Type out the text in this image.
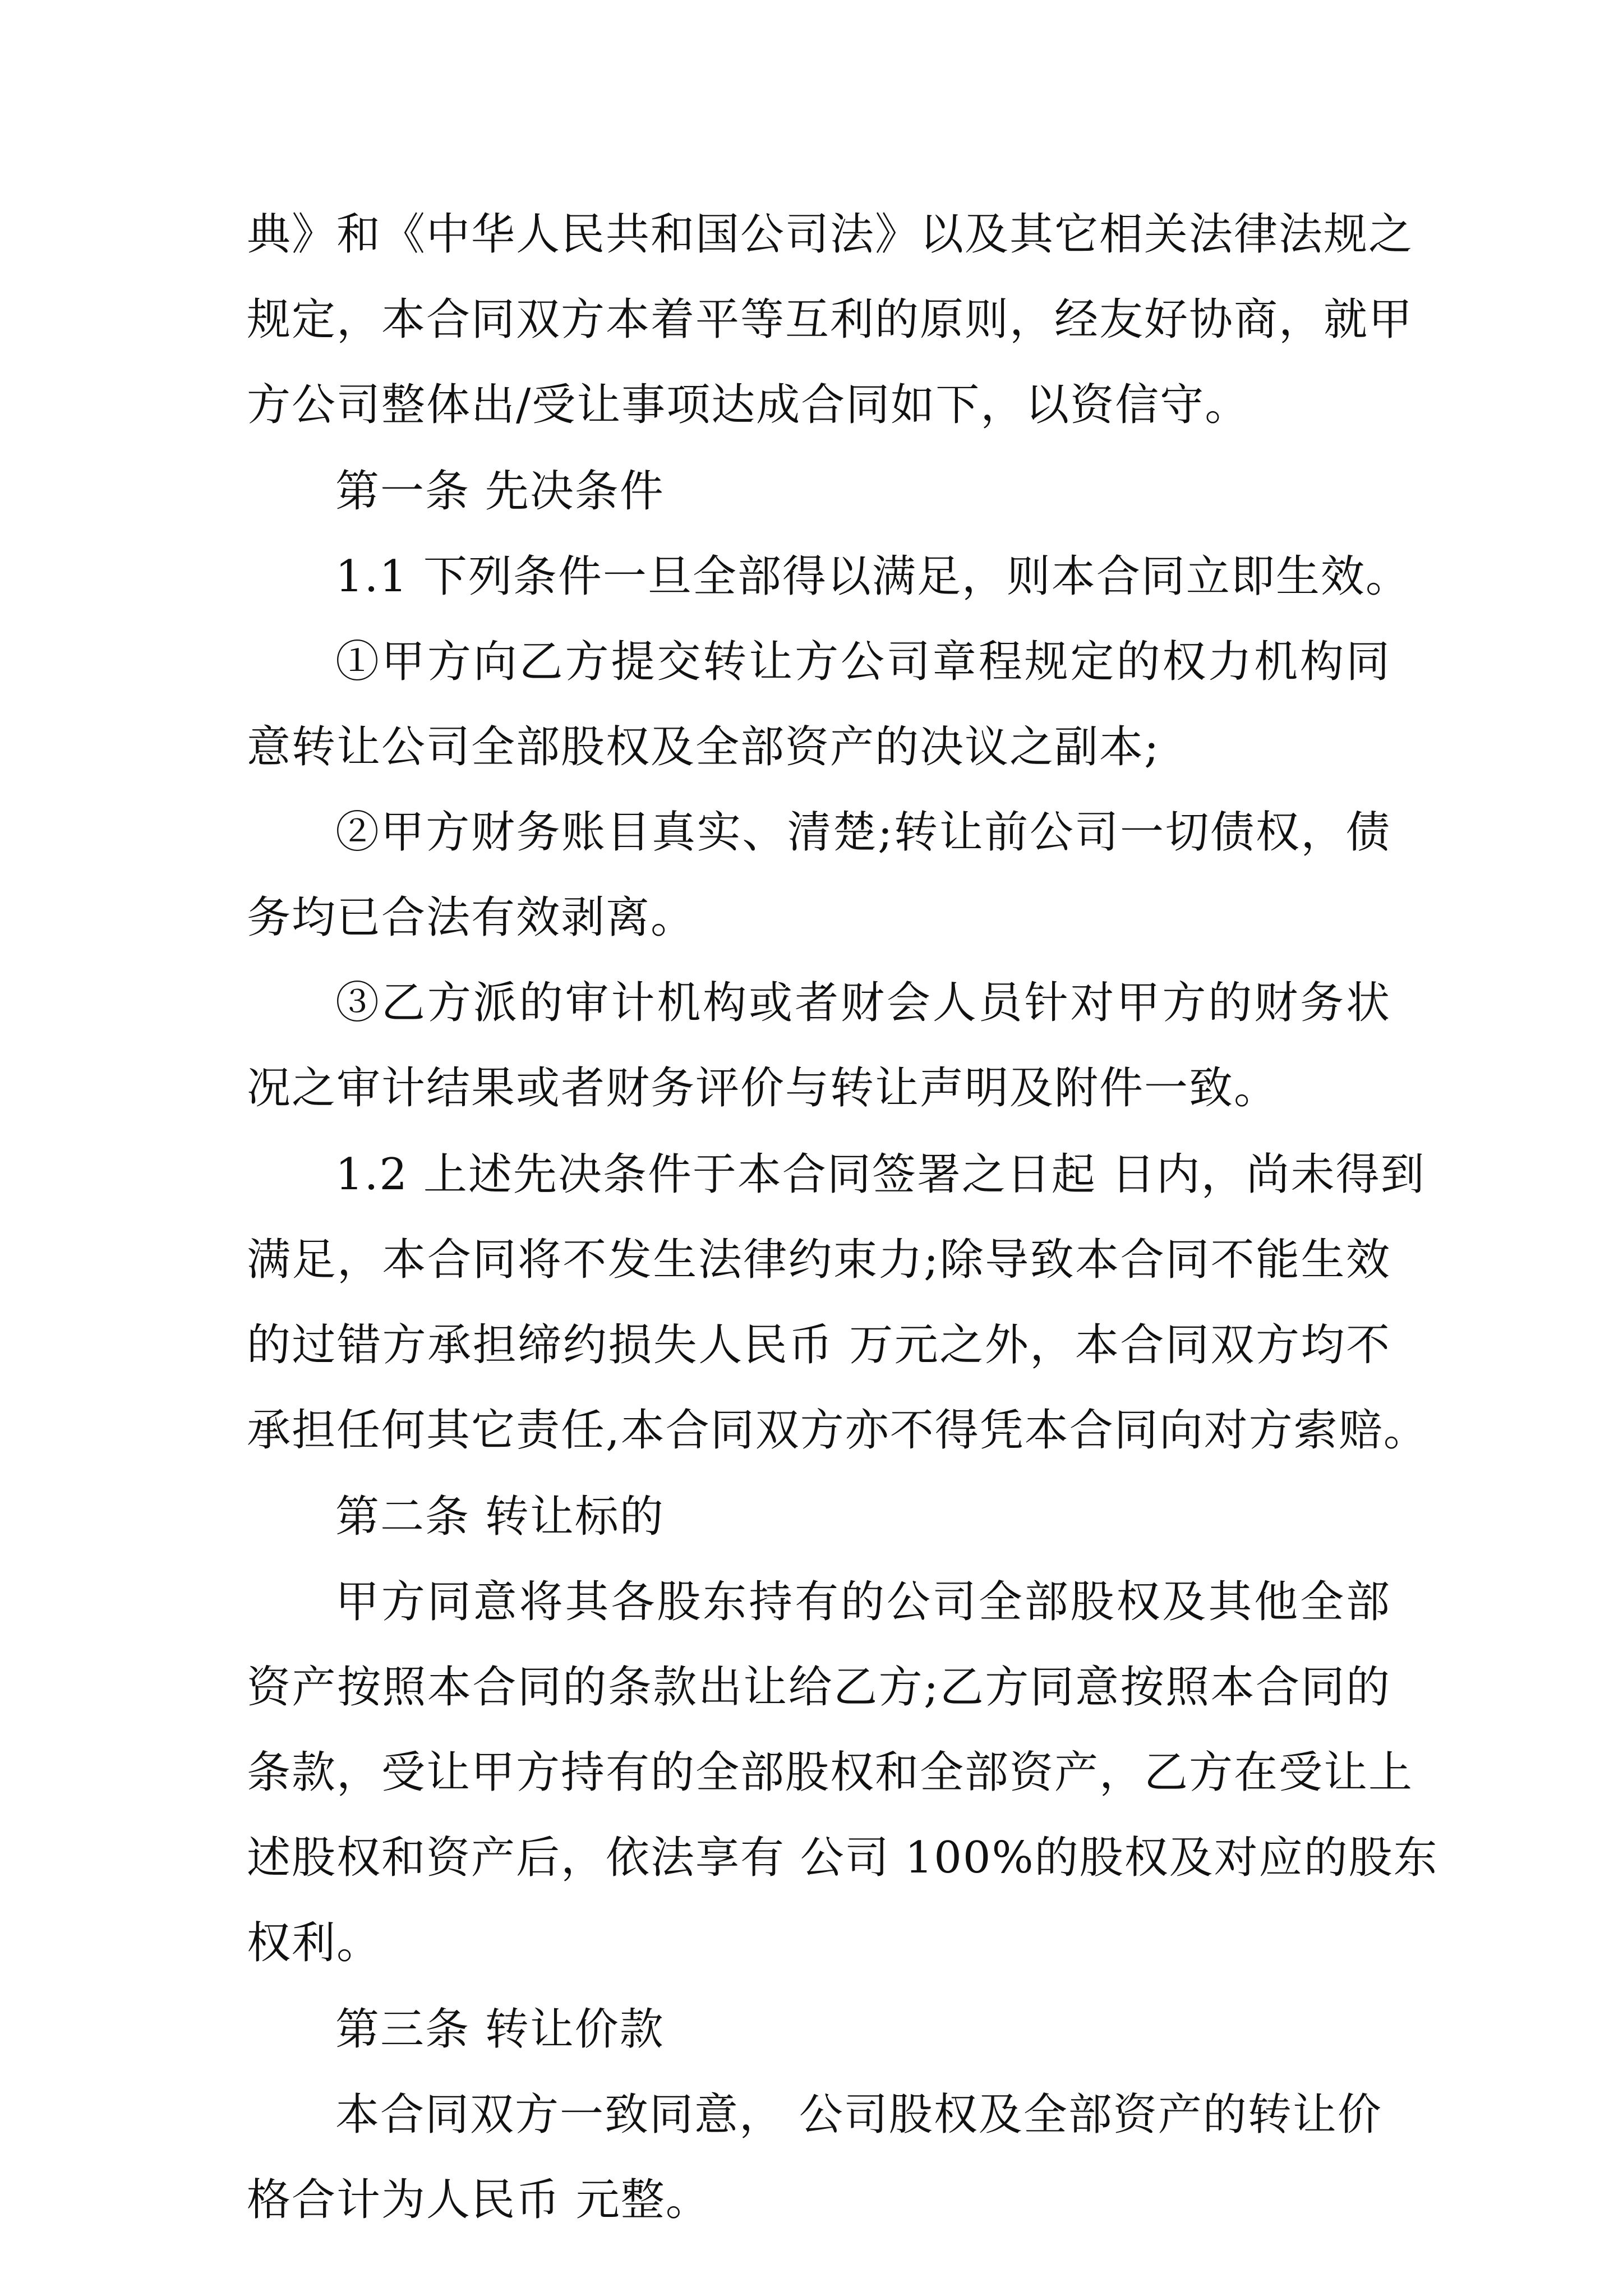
典》和《中华人民共和国公司法》以及其它相关法律法规之
规定，本合同双方本着平等互利的原则，经友好协商，就甲
方公司整体出/受让事项达成合同如下，以资信守。
第一条 先决条件
1.1 下列条件一旦全部得以满足，则本合同立即生效。
①甲方向乙方提交转让方公司章程规定的权力机构同
意转让公司全部股权及全部资产的决议之副本;
②甲方财务账目真实、清楚;转让前公司一切债权，债
务均已合法有效剥离。
③乙方派的审计机构或者财会人员针对甲方的财务状
况之审计结果或者财务评价与转让声明及附件一致。
1.2 上述先决条件于本合同签署之日起 日内，尚未得到
满足，本合同将不发生法律约束力;除导致本合同不能生效
的过错方承担缔约损失人民币 万元之外，本合同双方均不
承担任何其它责任,本合同双方亦不得凭本合同向对方索赔。
第二条 转让标的
甲方同意将其各股东持有的公司全部股权及其他全部
资产按照本合同的条款出让给乙方;乙方同意按照本合同的
条款，受让甲方持有的全部股权和全部资产，乙方在受让上
述股权和资产后，依法享有 公司 100%的股权及对应的股东
权利。
第三条 转让价款
本合同双方一致同意， 公司股权及全部资产的转让价
格合计为人民币 元整。
